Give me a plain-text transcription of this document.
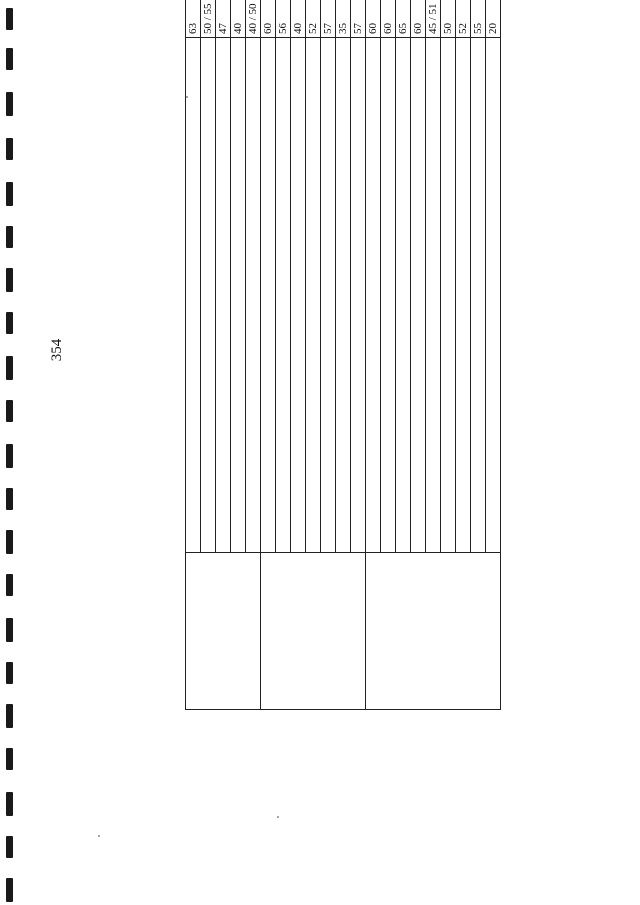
354
		63
		50 / 55
		47
		40
		40 / 50
		60
		56
		40
		52
		57
		35
		57
		60
		60
		65
		60
		45 / 51
		50
		52
		55
		20
